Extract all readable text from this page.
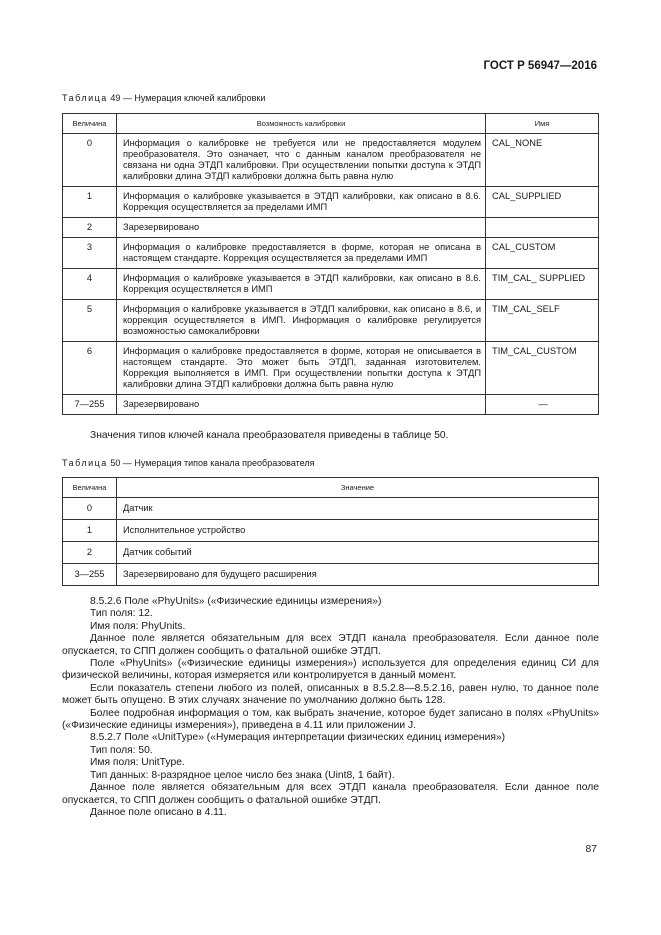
ГОСТ Р 56947—2016
Таблица 49 — Нумерация ключей калибровки
Величина	Возможность калибровки	Имя
0	Информация о калибровке не требуется или не предоставляется модулем преобразователя. Это означает, что с данным каналом преобразователя не связана ни одна ЭТДП калибровки. При осуществлении попытки доступа к ЭТДП калибровки длина ЭТДП калибровки должна быть равна нулю	CAL_NONE
1	Информация о калибровке указывается в ЭТДП калибровки, как описано в 8.6. Коррекция осуществляется за пределами ИМП	CAL_SUPPLIED
2	Зарезервировано	
3	Информация о калибровке предоставляется в форме, которая не описана в настоящем стандарте. Коррекция осуществляется за пределами ИМП	CAL_CUSTOM
4	Информация о калибровке указывается в ЭТДП калибровки, как описано в 8.6. Коррекция осуществляется в ИМП	TIM_CAL_ SUPPLIED
5	Информация о калибровке указывается в ЭТДП калибровки, как описано в 8.6, и коррекция осуществляется в ИМП. Информация о калибровке регулируется возможностью самокалибровки	TIM_CAL_SELF
6	Информация о калибровке предоставляется в форме, которая не описывается в настоящем стандарте. Это может быть ЭТДП, заданная изготовителем. Коррекция выполняется в ИМП. При осуществлении попытки доступа к ЭТДП калибровки длина ЭТДП калибровки должна быть равна нулю	TIM_CAL_CUSTOM
7—255	Зарезервировано	—
Значения типов ключей канала преобразователя приведены в таблице 50.
Таблица 50 — Нумерация типов канала преобразователя
Величина	Значение
0	Датчик
1	Исполнительное устройство
2	Датчик событий
3—255	Зарезервировано для будущего расширения

8.5.2.6 Поле «PhyUnits» («Физические единицы измерения»)

Тип поля: 12.

Имя поля: PhyUnits.

Данное поле является обязательным для всех ЭТДП канала преобразователя. Если данное поле опускается, то СПП должен сообщить о фатальной ошибке ЭТДП.

Поле «PhyUnits» («Физические единицы измерения») используется для определения единиц СИ для физической величины, которая измеряется или контролируется в данный момент.

Если показатель степени любого из полей, описанных в 8.5.2.8—8.5.2.16, равен нулю, то данное поле может быть опущено. В этих случаях значение по умолчанию должно быть 128.

Более подробная информация о том, как выбрать значение, которое будет записано в полях «PhyUnits» («Физические единицы измерения»), приведена в 4.11 или приложении J.

8.5.2.7 Поле «UnitType» («Нумерация интерпретации физических единиц измерения»)

Тип поля: 50.

Имя поля: UnitType.

Тип данных: 8-разрядное целое число без знака (Uint8, 1 байт).

Данное поле является обязательным для всех ЭТДП канала преобразователя. Если данное поле опускается, то СПП должен сообщить о фатальной ошибке ЭТДП.

Данное поле описано в 4.11.

87
